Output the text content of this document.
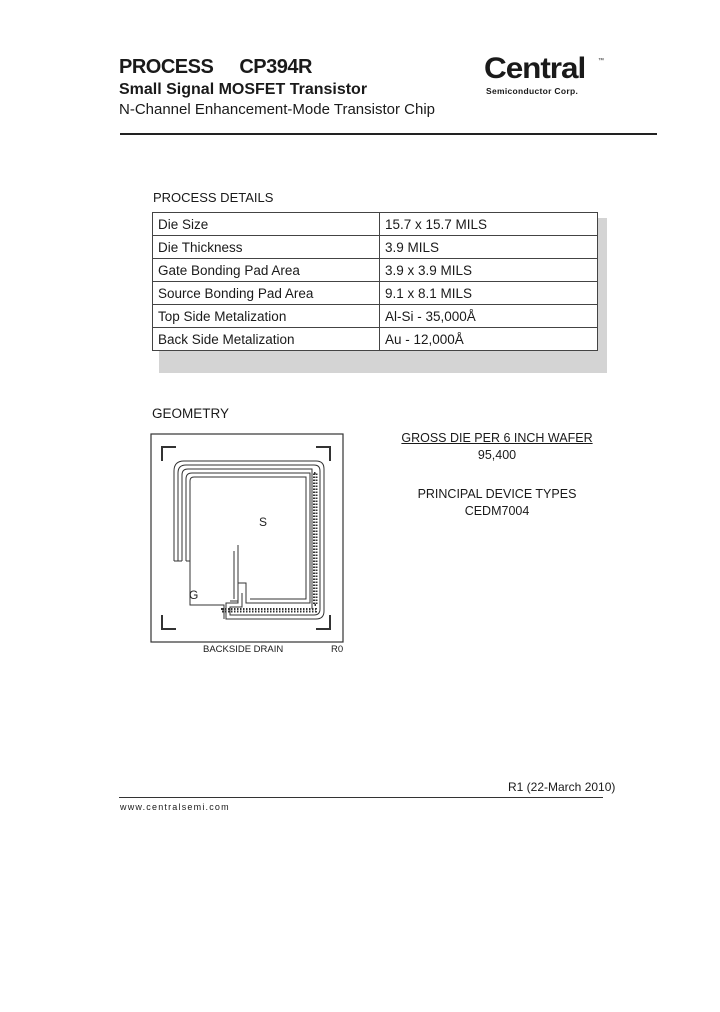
PROCESS CP394R
Small Signal MOSFET Transistor
N-Channel Enhancement-Mode Transistor Chip
Central ™
Semiconductor Corp.
PROCESS DETAILS
Die Size	15.7 x 15.7 MILS
Die Thickness	3.9 MILS
Gate Bonding Pad Area	3.9 x 3.9 MILS
Source Bonding Pad Area	9.1 x 8.1 MILS
Top Side Metalization	Al-Si - 35,000Å
Back Side Metalization	Au - 12,000Å
GEOMETRY
S
G
BACKSIDE DRAIN	R0
GROSS DIE PER 6 INCH WAFER
95,400
PRINCIPAL DEVICE TYPES
CEDM7004
R1 (22-March 2010)
www.centralsemi.com
